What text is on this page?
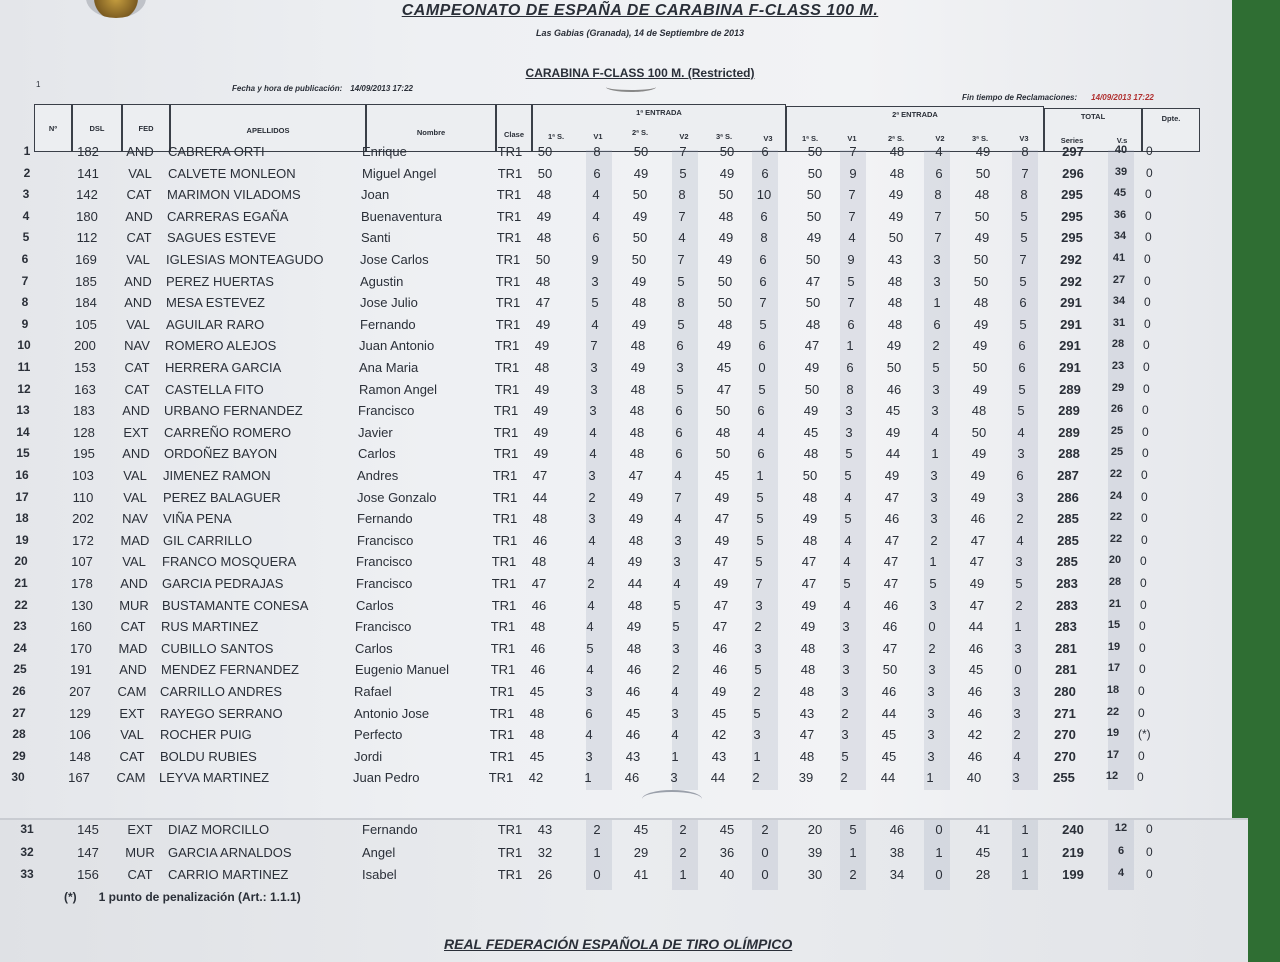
CAMPEONATO DE ESPAÑA DE CARABINA F-CLASS 100 M.
Las Gabias (Granada), 14 de Septiembre de 2013
1
CARABINA F-CLASS 100 M. (Restricted)
Fecha y hora de publicación: 14/09/2013 17:22
Fin tiempo de Reclamaciones: 14/09/2013 17:22
Nº	DSL	FED	APELLIDOS	Nombre	Clase
1ª ENTRADA	2ª ENTRADA
1ª S.	V1	2ª S.	V2	3ª S.	V3	1ª S.	V1	2ª S.	V2	3ª S.	V3
TOTAL
Series	V.s
Dpte.
1	182	AND	CABRERA ORTI	Enrique	TR1	50	8	50	7	50	6	50	7	48	4	49	8	297	40	0
2	141	VAL	CALVETE MONLEON	Miguel Angel	TR1	50	6	49	5	49	6	50	9	48	6	50	7	296	39	0
3	142	CAT	MARIMON VILADOMS	Joan	TR1	48	4	50	8	50	10	50	7	49	8	48	8	295	45	0
4	180	AND	CARRERAS EGAÑA	Buenaventura	TR1	49	4	49	7	48	6	50	7	49	7	50	5	295	36	0
5	112	CAT	SAGUES ESTEVE	Santi	TR1	48	6	50	4	49	8	49	4	50	7	49	5	295	34	0
6	169	VAL	IGLESIAS MONTEAGUDO	Jose Carlos	TR1	50	9	50	7	49	6	50	9	43	3	50	7	292	41	0
7	185	AND	PEREZ HUERTAS	Agustin	TR1	48	3	49	5	50	6	47	5	48	3	50	5	292	27	0
8	184	AND	MESA ESTEVEZ	Jose Julio	TR1	47	5	48	8	50	7	50	7	48	1	48	6	291	34	0
9	105	VAL	AGUILAR RARO	Fernando	TR1	49	4	49	5	48	5	48	6	48	6	49	5	291	31	0
10	200	NAV	ROMERO ALEJOS	Juan Antonio	TR1	49	7	48	6	49	6	47	1	49	2	49	6	291	28	0
11	153	CAT	HERRERA GARCIA	Ana Maria	TR1	48	3	49	3	45	0	49	6	50	5	50	6	291	23	0
12	163	CAT	CASTELLA FITO	Ramon Angel	TR1	49	3	48	5	47	5	50	8	46	3	49	5	289	29	0
13	183	AND	URBANO FERNANDEZ	Francisco	TR1	49	3	48	6	50	6	49	3	45	3	48	5	289	26	0
14	128	EXT	CARREÑO ROMERO	Javier	TR1	49	4	48	6	48	4	45	3	49	4	50	4	289	25	0
15	195	AND	ORDOÑEZ BAYON	Carlos	TR1	49	4	48	6	50	6	48	5	44	1	49	3	288	25	0
16	103	VAL	JIMENEZ RAMON	Andres	TR1	47	3	47	4	45	1	50	5	49	3	49	6	287	22	0
17	110	VAL	PEREZ BALAGUER	Jose Gonzalo	TR1	44	2	49	7	49	5	48	4	47	3	49	3	286	24	0
18	202	NAV	VIÑA PENA	Fernando	TR1	48	3	49	4	47	5	49	5	46	3	46	2	285	22	0
19	172	MAD	GIL CARRILLO	Francisco	TR1	46	4	48	3	49	5	48	4	47	2	47	4	285	22	0
20	107	VAL	FRANCO MOSQUERA	Francisco	TR1	48	4	49	3	47	5	47	4	47	1	47	3	285	20	0
21	178	AND	GARCIA PEDRAJAS	Francisco	TR1	47	2	44	4	49	7	47	5	47	5	49	5	283	28	0
22	130	MUR	BUSTAMANTE CONESA	Carlos	TR1	46	4	48	5	47	3	49	4	46	3	47	2	283	21	0
23	160	CAT	RUS MARTINEZ	Francisco	TR1	48	4	49	5	47	2	49	3	46	0	44	1	283	15	0
24	170	MAD	CUBILLO SANTOS	Carlos	TR1	46	5	48	3	46	3	48	3	47	2	46	3	281	19	0
25	191	AND	MENDEZ FERNANDEZ	Eugenio Manuel	TR1	46	4	46	2	46	5	48	3	50	3	45	0	281	17	0
26	207	CAM	CARRILLO ANDRES	Rafael	TR1	45	3	46	4	49	2	48	3	46	3	46	3	280	18	0
27	129	EXT	RAYEGO SERRANO	Antonio Jose	TR1	48	6	45	3	45	5	43	2	44	3	46	3	271	22	0
28	106	VAL	ROCHER PUIG	Perfecto	TR1	48	4	46	4	42	3	47	3	45	3	42	2	270	19	(*)
29	148	CAT	BOLDU RUBIES	Jordi	TR1	45	3	43	1	43	1	48	5	45	3	46	4	270	17	0
30	167	CAM	LEYVA MARTINEZ	Juan Pedro	TR1	42	1	46	3	44	2	39	2	44	1	40	3	255	12	0
31	145	EXT	DIAZ MORCILLO	Fernando	TR1	43	2	45	2	45	2	20	5	46	0	41	1	240	12	0
32	147	MUR	GARCIA ARNALDOS	Angel	TR1	32	1	29	2	36	0	39	1	38	1	45	1	219	6	0
33	156	CAT	CARRIO MARTINEZ	Isabel	TR1	26	0	41	1	40	0	30	2	34	0	28	1	199	4	0
(*) 1 punto de penalización (Art.: 1.1.1)
REAL FEDERACIÓN ESPAÑOLA DE TIRO OLÍMPICO
